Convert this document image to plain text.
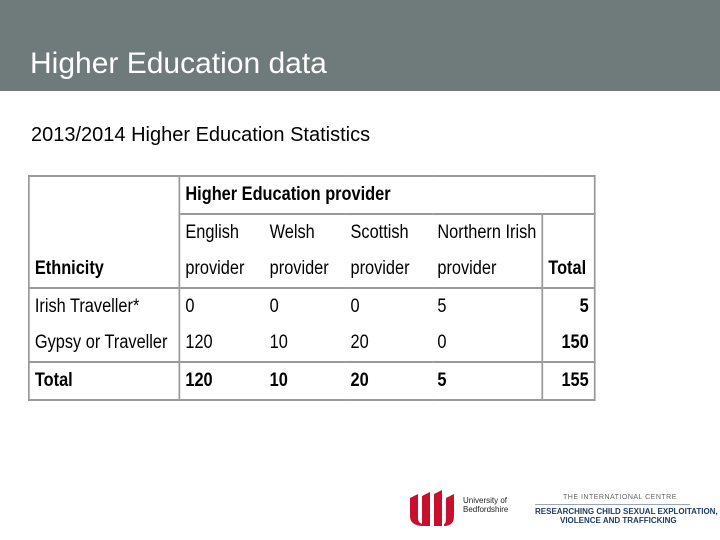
Higher Education data
2013/2014 Higher Education Statistics
	Higher Education provider				
	English	Welsh	Scottish	Northern Irish	
Ethnicity	provider	provider	provider	provider	Total
Irish Traveller*	0	0	0	5	5
Gypsy or Traveller	120	10	20	0	150
Total	120	10	20	5	155
University of Bedfordshire
THE INTERNATIONAL CENTRE
RESEARCHING CHILD SEXUAL EXPLOITATION,
VIOLENCE AND TRAFFICKING
